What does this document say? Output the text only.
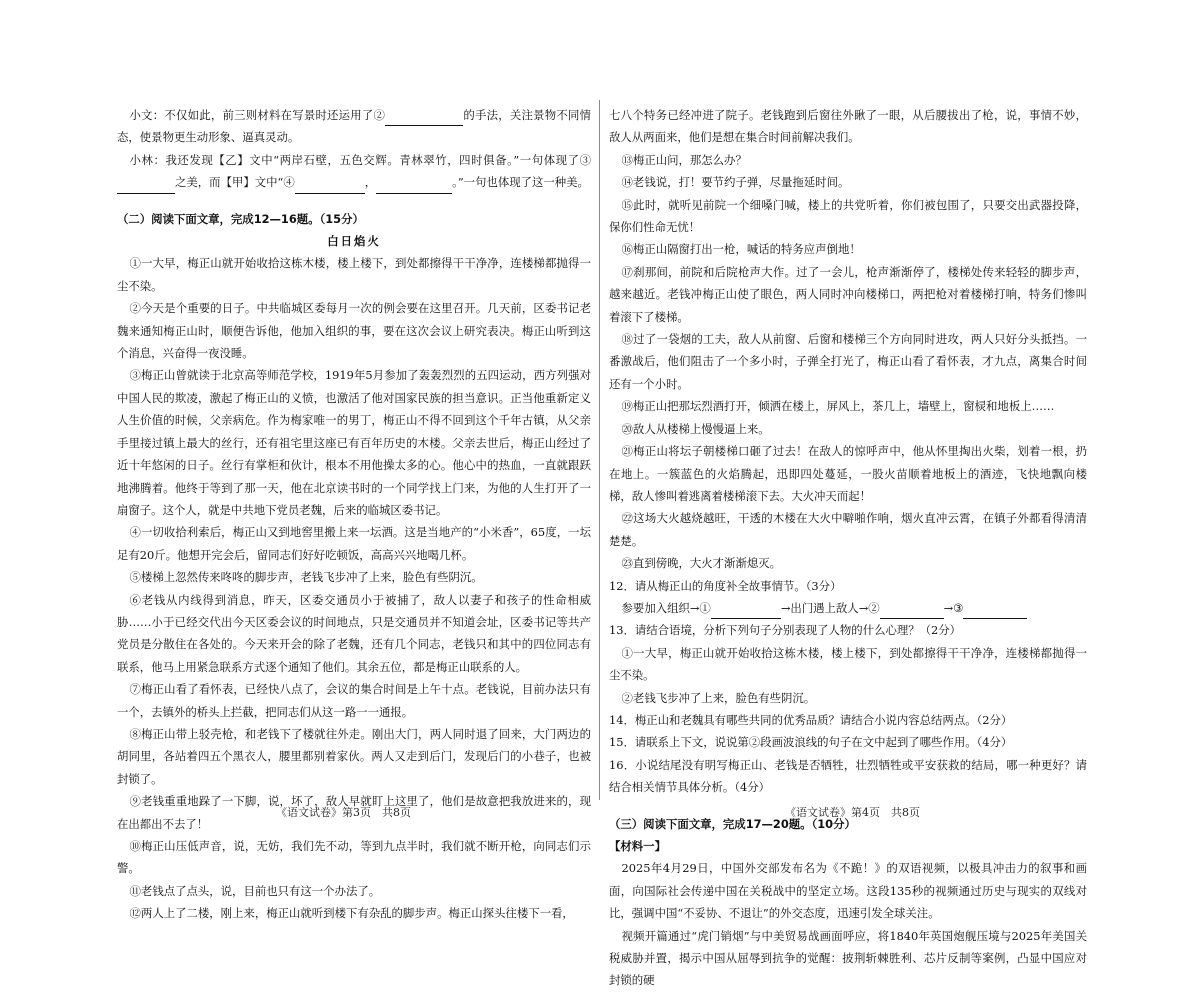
小文：不仅如此，前三则材料在写景时还运用了②	的手法，关注景物不同情态，使景物更生动形象、逼真灵动。

小林：我还发现【乙】文中“两岸石壁，五色交辉。青林翠竹，四时俱备。”一句体现了③之美，而【甲】文中“④	，	。”一句也体现了这一种美。

（二）阅读下面文章，完成12—16题。（15分）

白日焰火

①一大早，梅正山就开始收拾这栋木楼，楼上楼下，到处都擦得干干净净，连楼梯都抛得一尘不染。

②今天是个重要的日子。中共临城区委每月一次的例会要在这里召开。几天前，区委书记老魏来通知梅正山时，顺便告诉他，他加入组织的事，要在这次会议上研究表决。梅正山听到这个消息，兴奋得一夜没睡。

③梅正山曾就读于北京高等师范学校，1919年5月参加了轰轰烈烈的五四运动，西方列强对中国人民的欺凌，激起了梅正山的义愤，也激活了他对国家民族的担当意识。正当他重新定义人生价值的时候，父亲病危。作为梅家唯一的男丁，梅正山不得不回到这个千年古镇，从父亲手里接过镇上最大的丝行，还有祖宅里这座已有百年历史的木楼。父亲去世后，梅正山经过了近十年悠闲的日子。丝行有掌柜和伙计，根本不用他操太多的心。他心中的热血，一直就跟跃地沸腾着。他终于等到了那一天，他在北京读书时的一个同学找上门来，为他的人生打开了一扇窗子。这个人，就是中共地下党员老魏，后来的临城区委书记。

④一切收拾利索后，梅正山又到地窖里搬上来一坛酒。这是当地产的“小米香”，65度，一坛足有20斤。他想开完会后，留同志们好好吃顿饭，高高兴兴地喝几杯。

⑤楼梯上忽然传来咚咚的脚步声，老钱飞步冲了上来，脸色有些阴沉。

⑥老钱从内线得到消息，昨天，区委交通员小于被捕了，敌人以妻子和孩子的性命相威胁……小于已经交代出今天区委会议的时间地点，只是交通员并不知道会址，区委书记等共产党员是分散住在各处的。今天来开会的除了老魏，还有几个同志，老钱只和其中的四位同志有联系，他马上用紧急联系方式逐个通知了他们。其余五位，都是梅正山联系的人。

⑦梅正山看了看怀表，已经快八点了，会议的集合时间是上午十点。老钱说，目前办法只有一个，去镇外的桥头上拦截，把同志们从这一路一一通报。

⑧梅正山带上驳壳枪，和老钱下了楼就往外走。刚出大门，两人同时退了回来，大门两边的胡同里，各站着四五个黑衣人，腰里都别着家伙。两人又走到后门，发现后门的小巷子，也被封锁了。

⑨老钱重重地跺了一下脚，说，坏了，敌人早就盯上这里了，他们是故意把我放进来的，现在出都出不去了！

⑩梅正山压低声音，说，无妨，我们先不动，等到九点半时，我们就不断开枪，向同志们示警。

⑪老钱点了点头，说，目前也只有这一个办法了。

⑫两人上了二楼，刚上来，梅正山就听到楼下有杂乱的脚步声。梅正山探头往楼下一看，

七八个特务已经冲进了院子。老钱跑到后窗往外瞅了一眼，从后腰拔出了枪，说，事情不妙，敌人从两面来，他们是想在集合时间前解决我们。

⑬梅正山问，那怎么办？

⑭老钱说，打！要节约子弹，尽量拖延时间。

⑮此时，就听见前院一个细嗓门喊，楼上的共党听着，你们被包围了，只要交出武器投降，保你们性命无忧！

⑯梅正山隔窗打出一枪，喊话的特务应声倒地！

⑰刹那间，前院和后院枪声大作。过了一会儿，枪声渐渐停了，楼梯处传来轻轻的脚步声，越来越近。老钱冲梅正山使了眼色，两人同时冲向楼梯口，两把枪对着楼梯打响，特务们惨叫着滚下了楼梯。

⑱过了一袋烟的工夫，敌人从前窗、后窗和楼梯三个方向同时进攻，两人只好分头抵挡。一番激战后，他们阻击了一个多小时，子弹全打光了，梅正山看了看怀表，才九点，离集合时间还有一个小时。

⑲梅正山把那坛烈酒打开，倾洒在楼上，屏风上，茶几上，墙壁上，窗棂和地板上……

⑳敌人从楼梯上慢慢逼上来。

㉑梅正山将坛子朝楼梯口砸了过去！在敌人的惊呼声中，他从怀里掏出火柴，划着一根，扔在地上。一簇蓝色的火焰腾起，迅即四处蔓延，一股火苗顺着地板上的酒迹，飞快地飘向楼梯，敌人惨叫着逃离着楼梯滚下去。大火冲天而起！

㉒这场大火越烧越旺，干透的木楼在大火中噼啪作响，烟火直冲云霄，在镇子外都看得清清楚楚。

㉓直到傍晚，大火才渐渐熄灭。

12．请从梅正山的角度补全故事情节。（3分）

参要加入组织→①	→出门遇上敌人→②	→③

13．请结合语境，分析下列句子分别表现了人物的什么心理？（2分）

①一大早，梅正山就开始收拾这栋木楼，楼上楼下，到处都擦得干干净净，连楼梯都抛得一尘不染。

②老钱飞步冲了上来，脸色有些阴沉。

14．梅正山和老魏具有哪些共同的优秀品质？请结合小说内容总结两点。（2分）

15．请联系上下文，说说第②段画波浪线的句子在文中起到了哪些作用。（4分）

16．小说结尾没有明写梅正山、老钱是否牺牲，壮烈牺牲或平安获救的结局，哪一种更好？请结合相关情节具体分析。（4分）

（三）阅读下面文章，完成17—20题。（10分）

【材料一】

2025年4月29日，中国外交部发布名为《不跪！》的双语视频，以极具冲击力的叙事和画面，向国际社会传递中国在关税战中的坚定立场。这段135秒的视频通过历史与现实的双线对比，强调中国“不妥协、不退让”的外交态度，迅速引发全球关注。

视频开篇通过“虎门销烟”与中美贸易战画面呼应，将1840年英国炮舰压境与2025年美国关税威胁并置，揭示中国从屈辱到抗争的觉醒：披荆斩棘胜利、芯片反制等案例，凸显中国应对封锁的硬

《语文试卷》第3页　共8页	《语文试卷》第4页　共8页
